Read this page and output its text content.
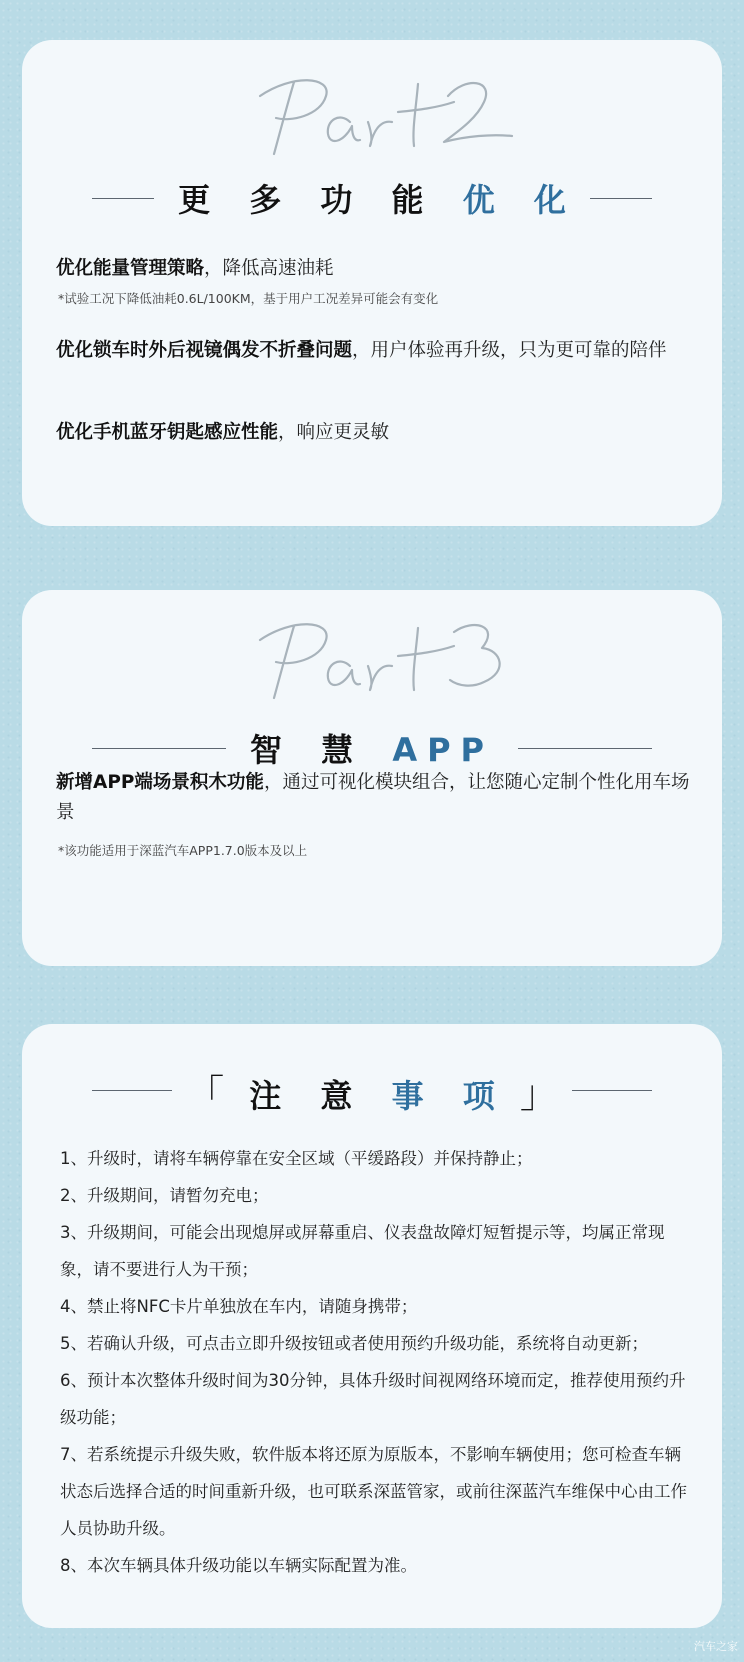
更 多 功 能 优 化
优化能量管理策略，降低高速油耗
*试验工况下降低油耗0.6L/100KM，基于用户工况差异可能会有变化
优化锁车时外后视镜偶发不折叠问题，用户体验再升级，只为更可靠的陪伴
优化手机蓝牙钥匙感应性能，响应更灵敏
智 慧 APP
新增APP端场景积木功能，通过可视化模块组合，让您随心定制个性化用车场景
*该功能适用于深蓝汽车APP1.7.0版本及以上
「 注 意 事 项 」
1、升级时，请将车辆停靠在安全区域（平缓路段）并保持静止；
2、升级期间，请暂勿充电；
3、升级期间，可能会出现熄屏或屏幕重启、仪表盘故障灯短暂提示等，均属正常现象，请不要进行人为干预；
4、禁止将NFC卡片单独放在车内，请随身携带；
5、若确认升级，可点击立即升级按钮或者使用预约升级功能，系统将自动更新；
6、预计本次整体升级时间为30分钟，具体升级时间视网络环境而定，推荐使用预约升级功能；
7、若系统提示升级失败，软件版本将还原为原版本，不影响车辆使用；您可检查车辆状态后选择合适的时间重新升级，也可联系深蓝管家，或前往深蓝汽车维保中心由工作人员协助升级。
8、本次车辆具体升级功能以车辆实际配置为准。
汽车之家
